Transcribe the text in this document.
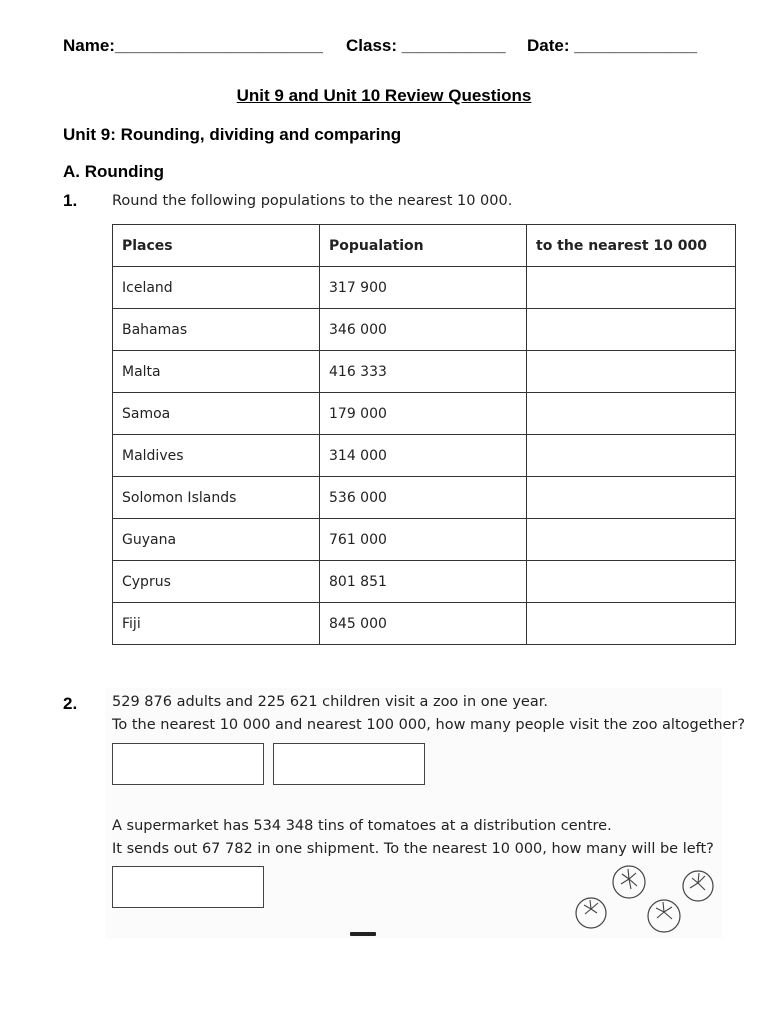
Name:______________________ Class: ___________ Date: _____________
Unit 9 and Unit 10 Review Questions
Unit 9: Rounding, dividing and comparing
A. Rounding
1. Round the following populations to the nearest 10 000.
Places	Popualation	to the nearest 10 000
Iceland	317 900	
Bahamas	346 000	
Malta	416 333	
Samoa	179 000	
Maldives	314 000	
Solomon Islands	536 000	
Guyana	761 000	
Cyprus	801 851	
Fiji	845 000	
2. 529 876 adults and 225 621 children visit a zoo in one year.
To the nearest 10 000 and nearest 100 000, how many people visit the zoo altogether?
A supermarket has 534 348 tins of tomatoes at a distribution centre.
It sends out 67 782 in one shipment. To the nearest 10 000, how many will be left?
